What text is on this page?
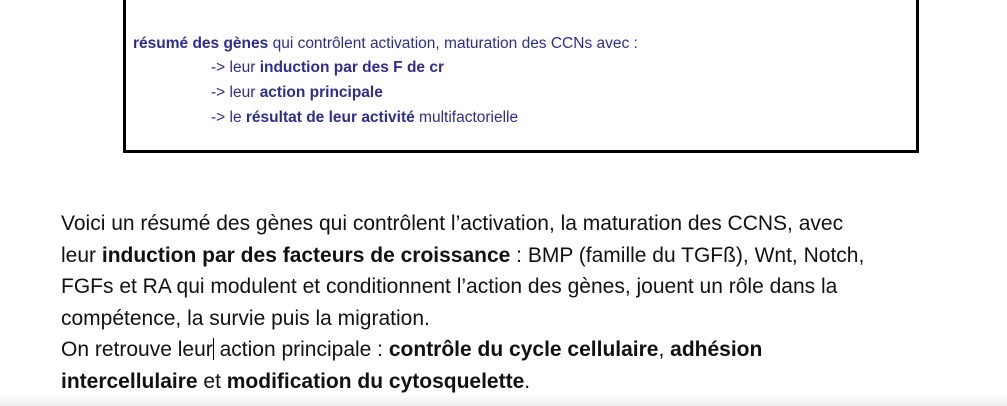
résumé des gènes qui contrôlent activation, maturation des CCNs avec :
-> leur induction par des F de cr
-> leur action principale
-> le résultat de leur activité multifactorielle
Voici un résumé des gènes qui contrôlent l’activation, la maturation des CCNS, avec
leur induction par des facteurs de croissance : BMP (famille du TGFß), Wnt, Notch,
FGFs et RA qui modulent et conditionnent l’action des gènes, jouent un rôle dans la
compétence, la survie puis la migration.
On retrouve leur action principale : contrôle du cycle cellulaire, adhésion
intercellulaire et modification du cytosquelette.
